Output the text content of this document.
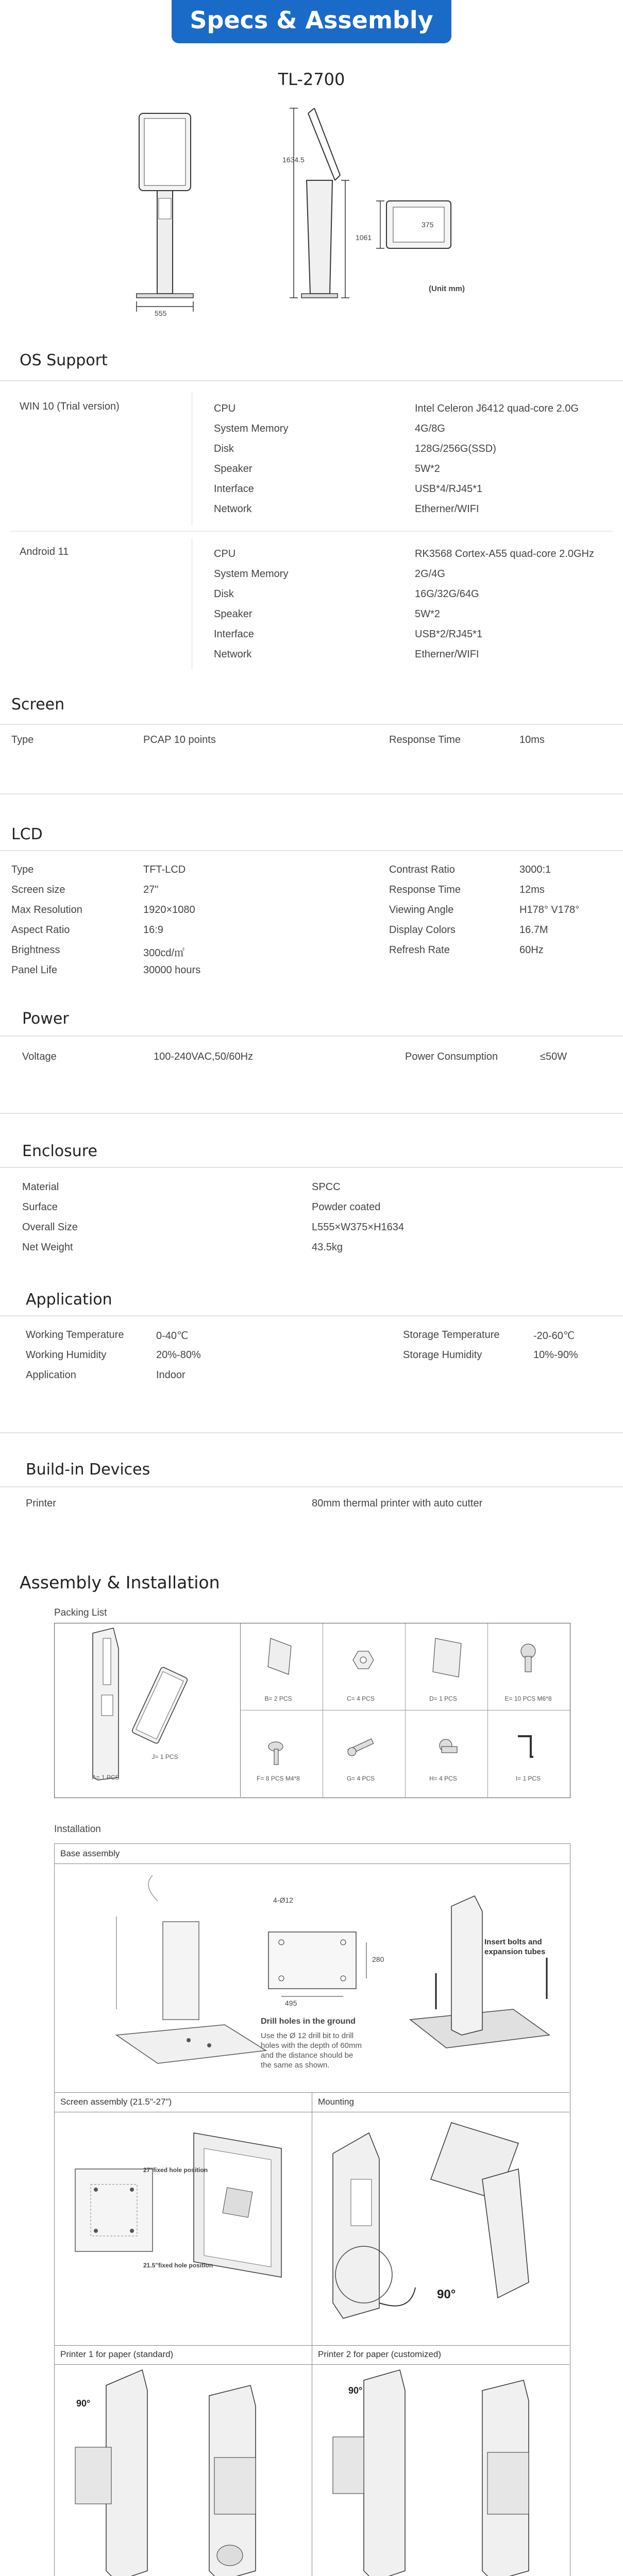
Specs & Assembly
TL-2700
555
1634.5
1061
375
(Unit mm)
OS Support
WIN 10 (Trial version)	CPU	Intel Celeron J6412 quad-core 2.0G
System Memory	4G/8G
Disk	128G/256G(SSD)
Speaker	5W*2
Interface	USB*4/RJ45*1
Network	Etherner/WIFI
Android 11	CPU	RK3568 Cortex-A55 quad-core 2.0GHz
System Memory	2G/4G
Disk	16G/32G/64G
Speaker	5W*2
Interface	USB*2/RJ45*1
Network	Etherner/WIFI
Screen
Type	PCAP 10 points	Response Time	10ms
LCD
Type	TFT-LCD
Screen size	27"
Max Resolution	1920×1080
Aspect Ratio	16:9
Brightness	300cd/㎡
Panel Life	30000 hours
Contrast Ratio	3000:1
Response Time	12ms
Viewing Angle	H178° V178°
Display Colors	16.7M
Refresh Rate	60Hz
Power
Voltage	100-240VAC,50/60Hz	Power Consumption	≤50W
Enclosure
Material	SPCC
Surface	Powder coated
Overall Size	L555×W375×H1634
Net Weight	43.5kg
Application
Working Temperature	0-40℃
Working Humidity	20%-80%
Application	Indoor
Storage Temperature	-20-60℃
Storage Humidity	10%-90%
Build-in Devices
Printer	80mm thermal printer with auto cutter
Assembly & Installation
Packing List
A= 1 PCS
J= 1 PCS
B= 2 PCS	C= 4 PCS	D= 1 PCS	E= 10 PCS M6*8
F= 8 PCS M4*8	G= 4 PCS	H= 4 PCS	I= 1 PCS
Installation
Base assembly
Screen assembly (21.5"-27")	Mounting
Printer 1 for paper (standard)	Printer 2 for paper (customized)
4-Ø12
495
280
Drill holes in the ground
Use the Ø 12 drill bit to drill holes with the depth of 60mm and the distance should be the same as shown.
Insert bolts and expansion tubes
27"fixed hole position
21.5"fixed hole position
90°
90°
90°
